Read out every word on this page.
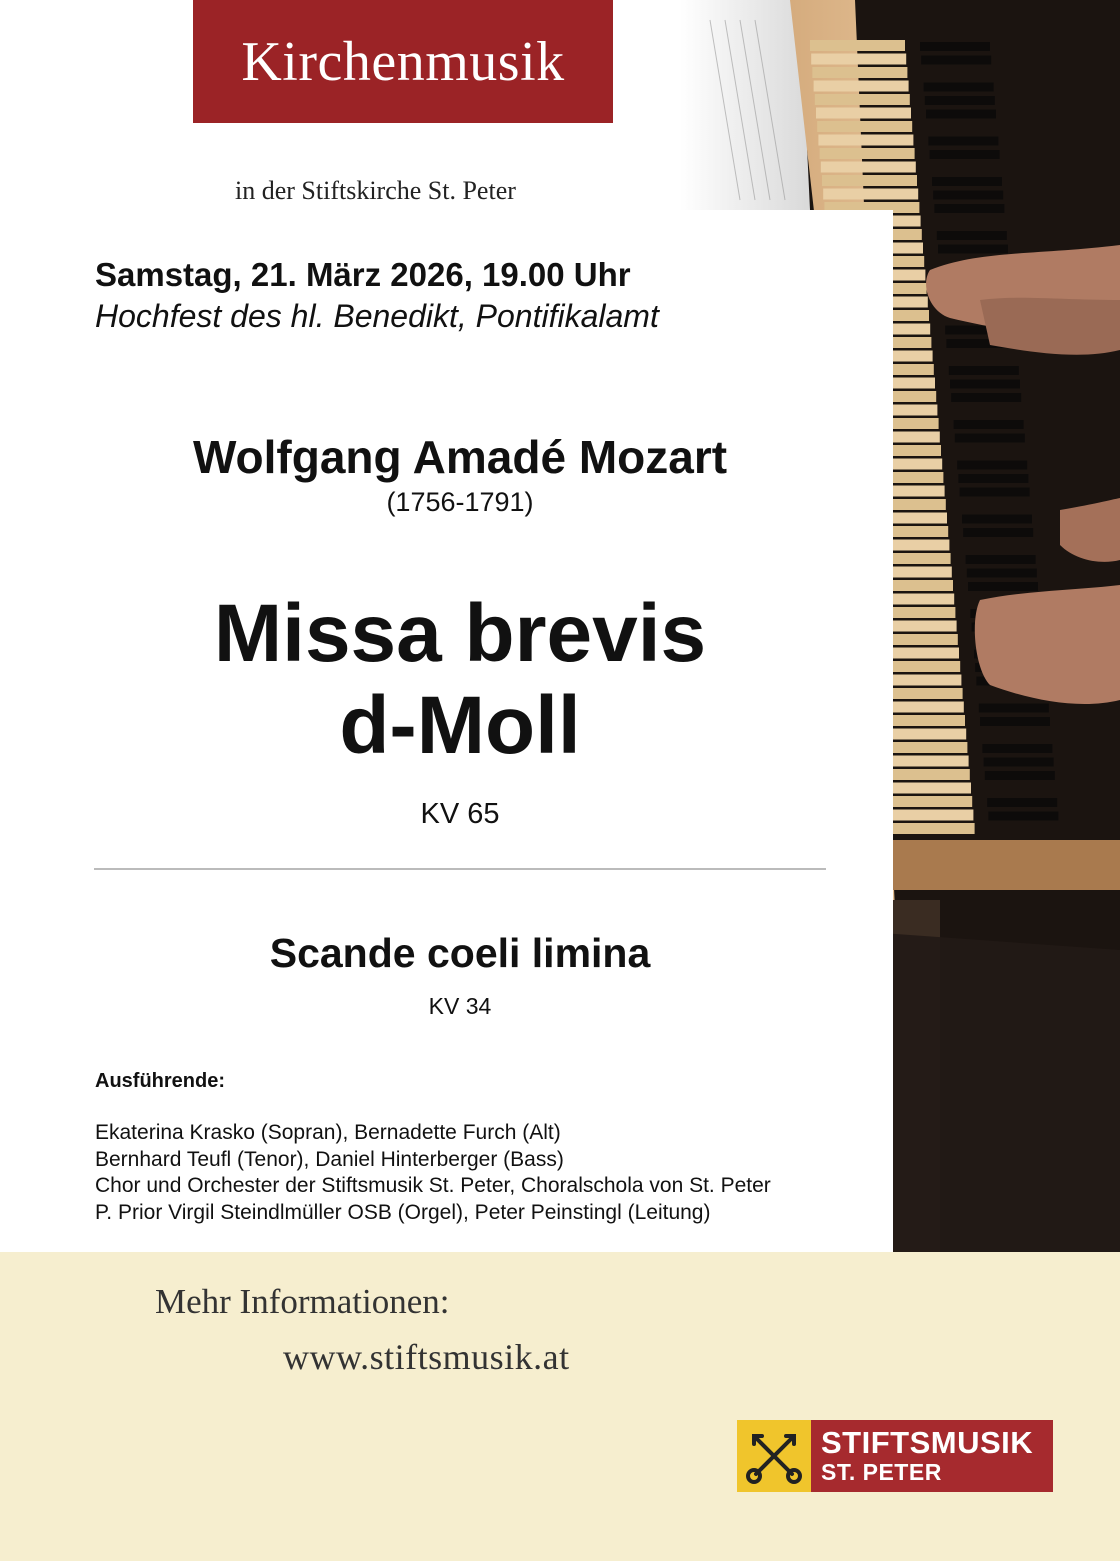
Kirchenmusik
in der Stiftskirche St. Peter
Samstag, 21. März 2026, 19.00 Uhr
Hochfest des hl. Benedikt, Pontifikalamt
Wolfgang Amadé Mozart
(1756-1791)
Missa brevis
d-Moll
KV 65
Scande coeli limina
KV 34
Ausführende:
Ekaterina Krasko (Sopran), Bernadette Furch (Alt)
Bernhard Teufl (Tenor), Daniel Hinterberger (Bass)
Chor und Orchester der Stiftsmusik St. Peter, Choralschola von St. Peter
P. Prior Virgil Steindlmüller OSB (Orgel), Peter Peinstingl (Leitung)
Mehr Informationen:
www.stiftsmusik.at
STIFTSMUSIK
ST. PETER
